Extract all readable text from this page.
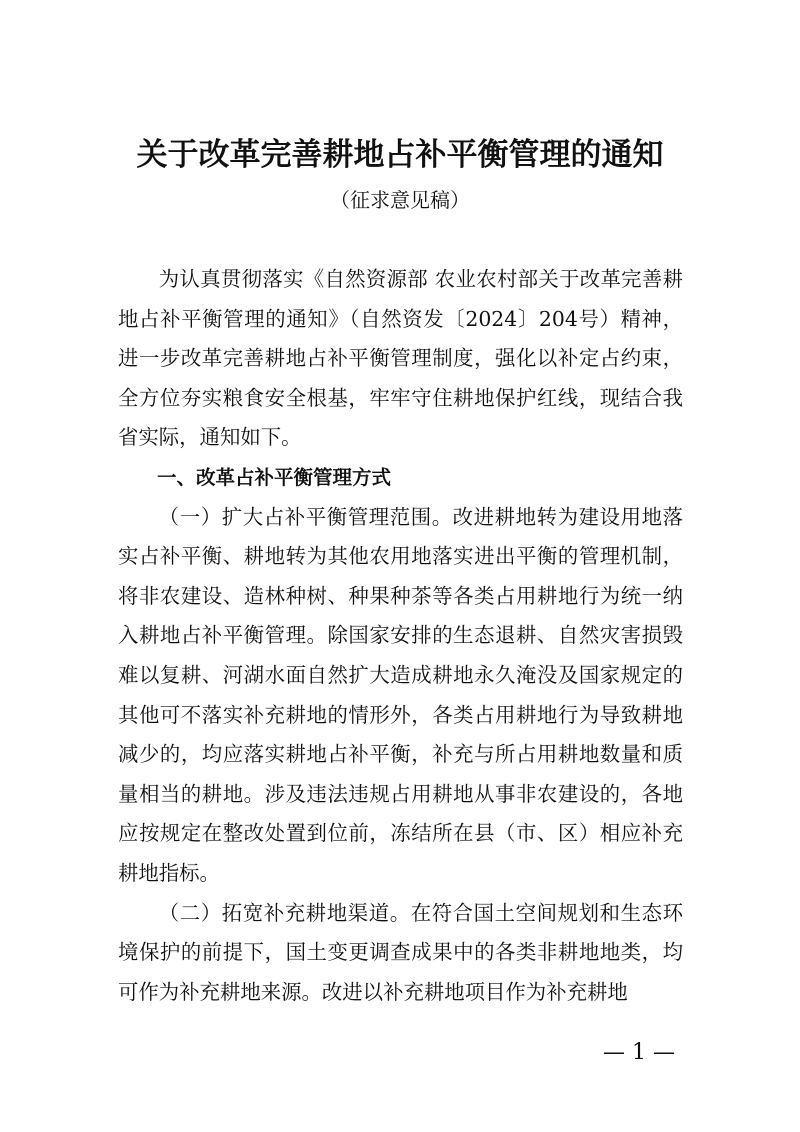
关于改革完善耕地占补平衡管理的通知

（征求意见稿）

为认真贯彻落实《自然资源部 农业农村部关于改革完善耕地占补平衡管理的通知》（自然资发〔2024〕204号）精神，进一步改革完善耕地占补平衡管理制度，强化以补定占约束，全方位夯实粮食安全根基，牢牢守住耕地保护红线，现结合我省实际，通知如下。

一、改革占补平衡管理方式

（一）扩大占补平衡管理范围。改进耕地转为建设用地落实占补平衡、耕地转为其他农用地落实进出平衡的管理机制，将非农建设、造林种树、种果种茶等各类占用耕地行为统一纳入耕地占补平衡管理。除国家安排的生态退耕、自然灾害损毁难以复耕、河湖水面自然扩大造成耕地永久淹没及国家规定的其他可不落实补充耕地的情形外，各类占用耕地行为导致耕地减少的，均应落实耕地占补平衡，补充与所占用耕地数量和质量相当的耕地。涉及违法违规占用耕地从事非农建设的，各地应按规定在整改处置到位前，冻结所在县（市、区）相应补充耕地指标。

（二）拓宽补充耕地渠道。在符合国土空间规划和生态环境保护的前提下，国土变更调查成果中的各类非耕地地类，均可作为补充耕地来源。改进以补充耕地项目作为补充耕地

— 1 —
